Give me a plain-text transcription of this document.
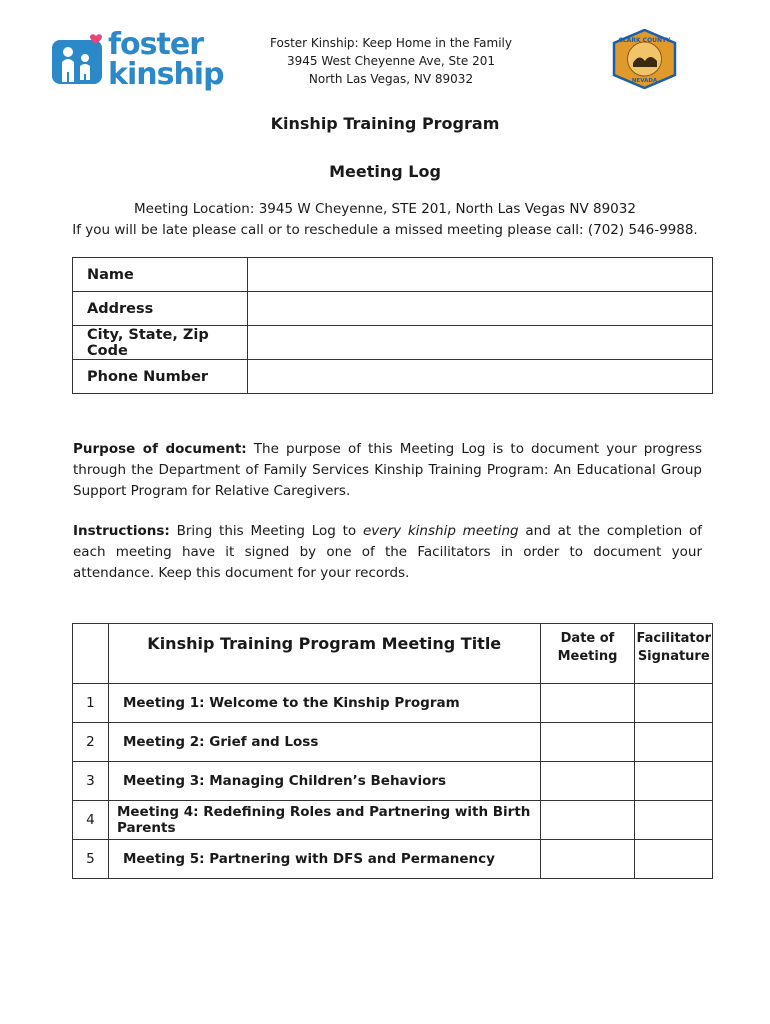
foster
kinship
Foster Kinship: Keep Home in the Family
3945 West Cheyenne Ave, Ste 201
North Las Vegas, NV 89032
CLARK COUNTY
NEVADA
Kinship Training Program
Meeting Log
Meeting Location: 3945 W Cheyenne, STE 201, North Las Vegas NV 89032
If you will be late please call or to reschedule a missed meeting please call: (702) 546-9988.
Name	
Address	
City, State, Zip Code	
Phone Number	
Purpose of document: The purpose of this Meeting Log is to document your progress through the Department of Family Services Kinship Training Program: An Educational Group Support Program for Relative Caregivers.
Instructions: Bring this Meeting Log to every kinship meeting and at the completion of each meeting have it signed by one of the Facilitators in order to document your attendance. Keep this document for your records.
	Kinship Training Program Meeting Title	Date of Meeting	Facilitator Signature
1	Meeting 1: Welcome to the Kinship Program		
2	Meeting 2: Grief and Loss		
3	Meeting 3: Managing Children’s Behaviors		
4	Meeting 4: Redefining Roles and Partnering with Birth Parents		
5	Meeting 5: Partnering with DFS and Permanency		
